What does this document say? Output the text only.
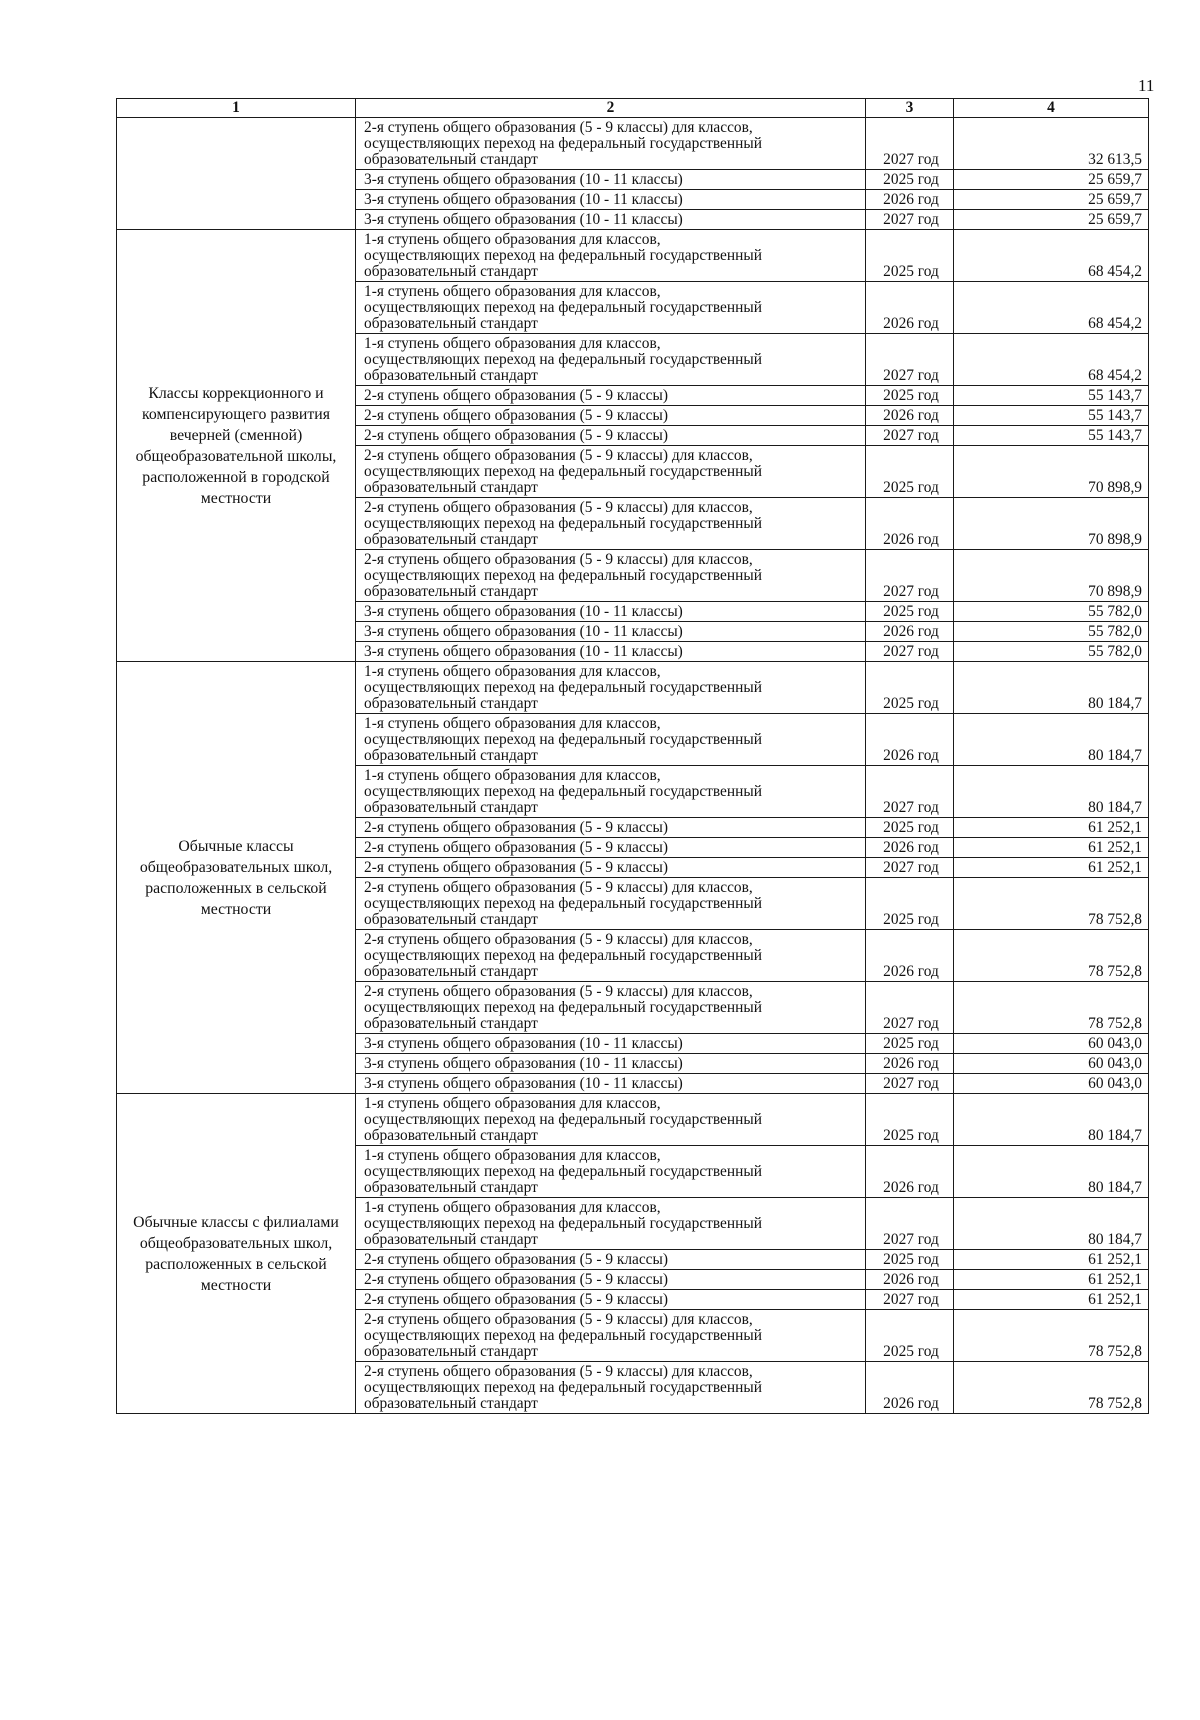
11
1	2	3	4

	2-я ступень общего образования (5 - 9 классы) для классов,
осуществляющих переход на федеральный государственный
образовательный стандарт	2027 год	32 613,5

	3-я ступень общего образования (10 - 11 классы)	2025 год	25 659,7

	3-я ступень общего образования (10 - 11 классы)	2026 год	25 659,7

	3-я ступень общего образования (10 - 11 классы)	2027 год	25 659,7
Классы коррекционного и компенсирующего развития вечерней (сменной) общеобразовательной школы, расположенной в городской местности	1-я ступень общего образования для классов,
осуществляющих переход на федеральный государственный
образовательный стандарт	2025 год	68 454,2

	1-я ступень общего образования для классов,
осуществляющих переход на федеральный государственный
образовательный стандарт	2026 год	68 454,2

	1-я ступень общего образования для классов,
осуществляющих переход на федеральный государственный
образовательный стандарт	2027 год	68 454,2

	2-я ступень общего образования (5 - 9 классы)	2025 год	55 143,7

	2-я ступень общего образования (5 - 9 классы)	2026 год	55 143,7

	2-я ступень общего образования (5 - 9 классы)	2027 год	55 143,7

	2-я ступень общего образования (5 - 9 классы) для классов,
осуществляющих переход на федеральный государственный
образовательный стандарт	2025 год	70 898,9

	2-я ступень общего образования (5 - 9 классы) для классов,
осуществляющих переход на федеральный государственный
образовательный стандарт	2026 год	70 898,9

	2-я ступень общего образования (5 - 9 классы) для классов,
осуществляющих переход на федеральный государственный
образовательный стандарт	2027 год	70 898,9

	3-я ступень общего образования (10 - 11 классы)	2025 год	55 782,0

	3-я ступень общего образования (10 - 11 классы)	2026 год	55 782,0

	3-я ступень общего образования (10 - 11 классы)	2027 год	55 782,0
Обычные классы общеобразовательных школ, расположенных в сельской местности	1-я ступень общего образования для классов,
осуществляющих переход на федеральный государственный
образовательный стандарт	2025 год	80 184,7

	1-я ступень общего образования для классов,
осуществляющих переход на федеральный государственный
образовательный стандарт	2026 год	80 184,7

	1-я ступень общего образования для классов,
осуществляющих переход на федеральный государственный
образовательный стандарт	2027 год	80 184,7

	2-я ступень общего образования (5 - 9 классы)	2025 год	61 252,1

	2-я ступень общего образования (5 - 9 классы)	2026 год	61 252,1

	2-я ступень общего образования (5 - 9 классы)	2027 год	61 252,1

	2-я ступень общего образования (5 - 9 классы) для классов,
осуществляющих переход на федеральный государственный
образовательный стандарт	2025 год	78 752,8

	2-я ступень общего образования (5 - 9 классы) для классов,
осуществляющих переход на федеральный государственный
образовательный стандарт	2026 год	78 752,8

	2-я ступень общего образования (5 - 9 классы) для классов,
осуществляющих переход на федеральный государственный
образовательный стандарт	2027 год	78 752,8

	3-я ступень общего образования (10 - 11 классы)	2025 год	60 043,0

	3-я ступень общего образования (10 - 11 классы)	2026 год	60 043,0

	3-я ступень общего образования (10 - 11 классы)	2027 год	60 043,0
Обычные классы с филиалами общеобразовательных школ, расположенных в сельской местности	1-я ступень общего образования для классов,
осуществляющих переход на федеральный государственный
образовательный стандарт	2025 год	80 184,7

	1-я ступень общего образования для классов,
осуществляющих переход на федеральный государственный
образовательный стандарт	2026 год	80 184,7

	1-я ступень общего образования для классов,
осуществляющих переход на федеральный государственный
образовательный стандарт	2027 год	80 184,7

	2-я ступень общего образования (5 - 9 классы)	2025 год	61 252,1

	2-я ступень общего образования (5 - 9 классы)	2026 год	61 252,1

	2-я ступень общего образования (5 - 9 классы)	2027 год	61 252,1

	2-я ступень общего образования (5 - 9 классы) для классов,
осуществляющих переход на федеральный государственный
образовательный стандарт	2025 год	78 752,8

	2-я ступень общего образования (5 - 9 классы) для классов,
осуществляющих переход на федеральный государственный
образовательный стандарт	2026 год	78 752,8
